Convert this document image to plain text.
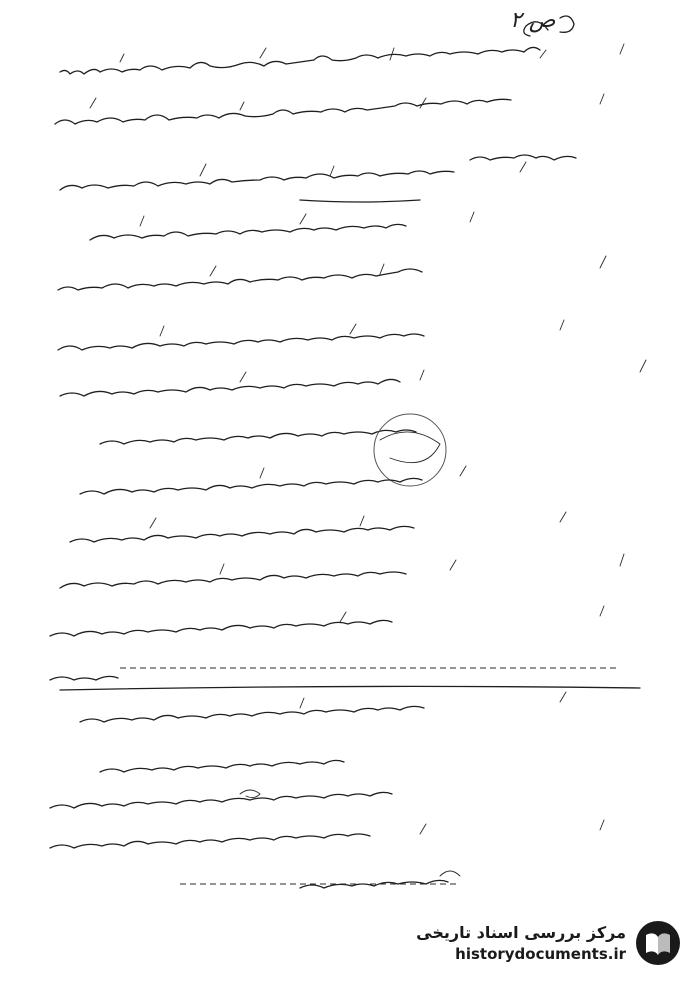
ص ۲
مرکز بررسی اسناد تاریخی
historydocuments.ir
